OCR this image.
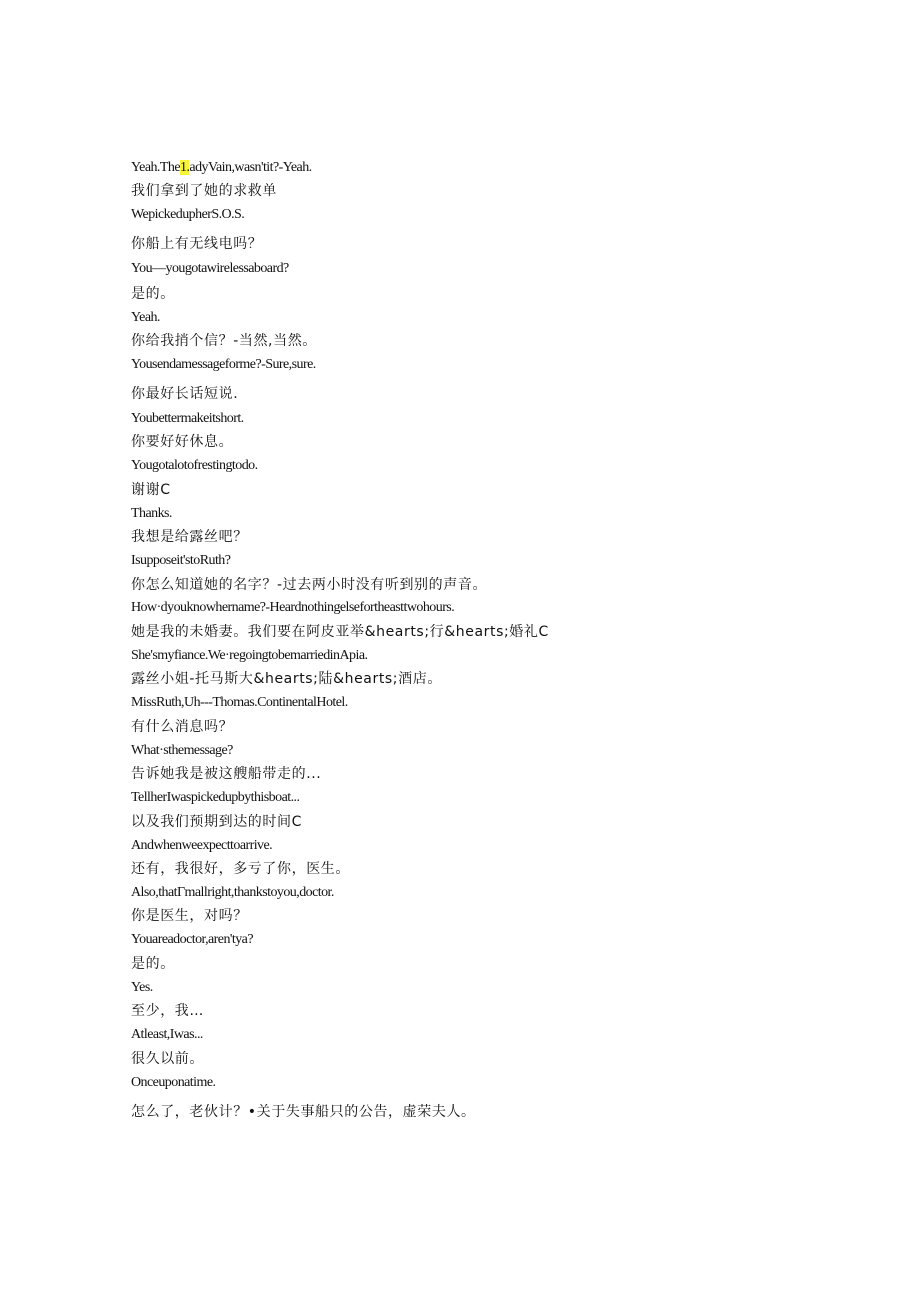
Yeah.The1.adyVain,wasn'tit?-Yeah.
我们拿到了她的求救单
WepickedupherS.O.S.
你船上有无线电吗？
You—yougotawirelessaboard?
是的。
Yeah.
你给我捎个信？-当然,当然。
Yousendamessageforme?-Sure,sure.
你最好长话短说.
Youbettermakeitshort.
你要好好休息。
Yougotalotofrestingtodo.
谢谢C
Thanks.
我想是给露丝吧？
Isupposeit'stoRuth?
你怎么知道她的名字？-过去两小时没有听到别的声音。
How·dyouknowhername?-Heardnothingelsefortheasttwohours.
她是我的未婚妻。我们要在阿皮亚举&hearts;行&hearts;婚礼C
She'smyfiance.We·regoingtobemarriedinApia.
露丝小姐-托马斯大&hearts;陆&hearts;酒店。
MissRuth,Uh---Thomas.ContinentalHotel.
有什么消息吗？
What·sthemessage?
告诉她我是被这艘船带走的...
TellherIwaspickedupbythisboat...
以及我们预期到达的时间C
Andwhenweexpecttoarrive.
还有，我很好，多亏了你，医生。
Also,thatΓmallright,thankstoyou,doctor.
你是医生，对吗？
Youareadoctor,aren'tya?
是的。
Yes.
至少，我…
Atleast,Iwas...
很久以前。
Onceuponatime.
怎么了，老伙计？•关于失事船只的公告，虚荣夫人。
